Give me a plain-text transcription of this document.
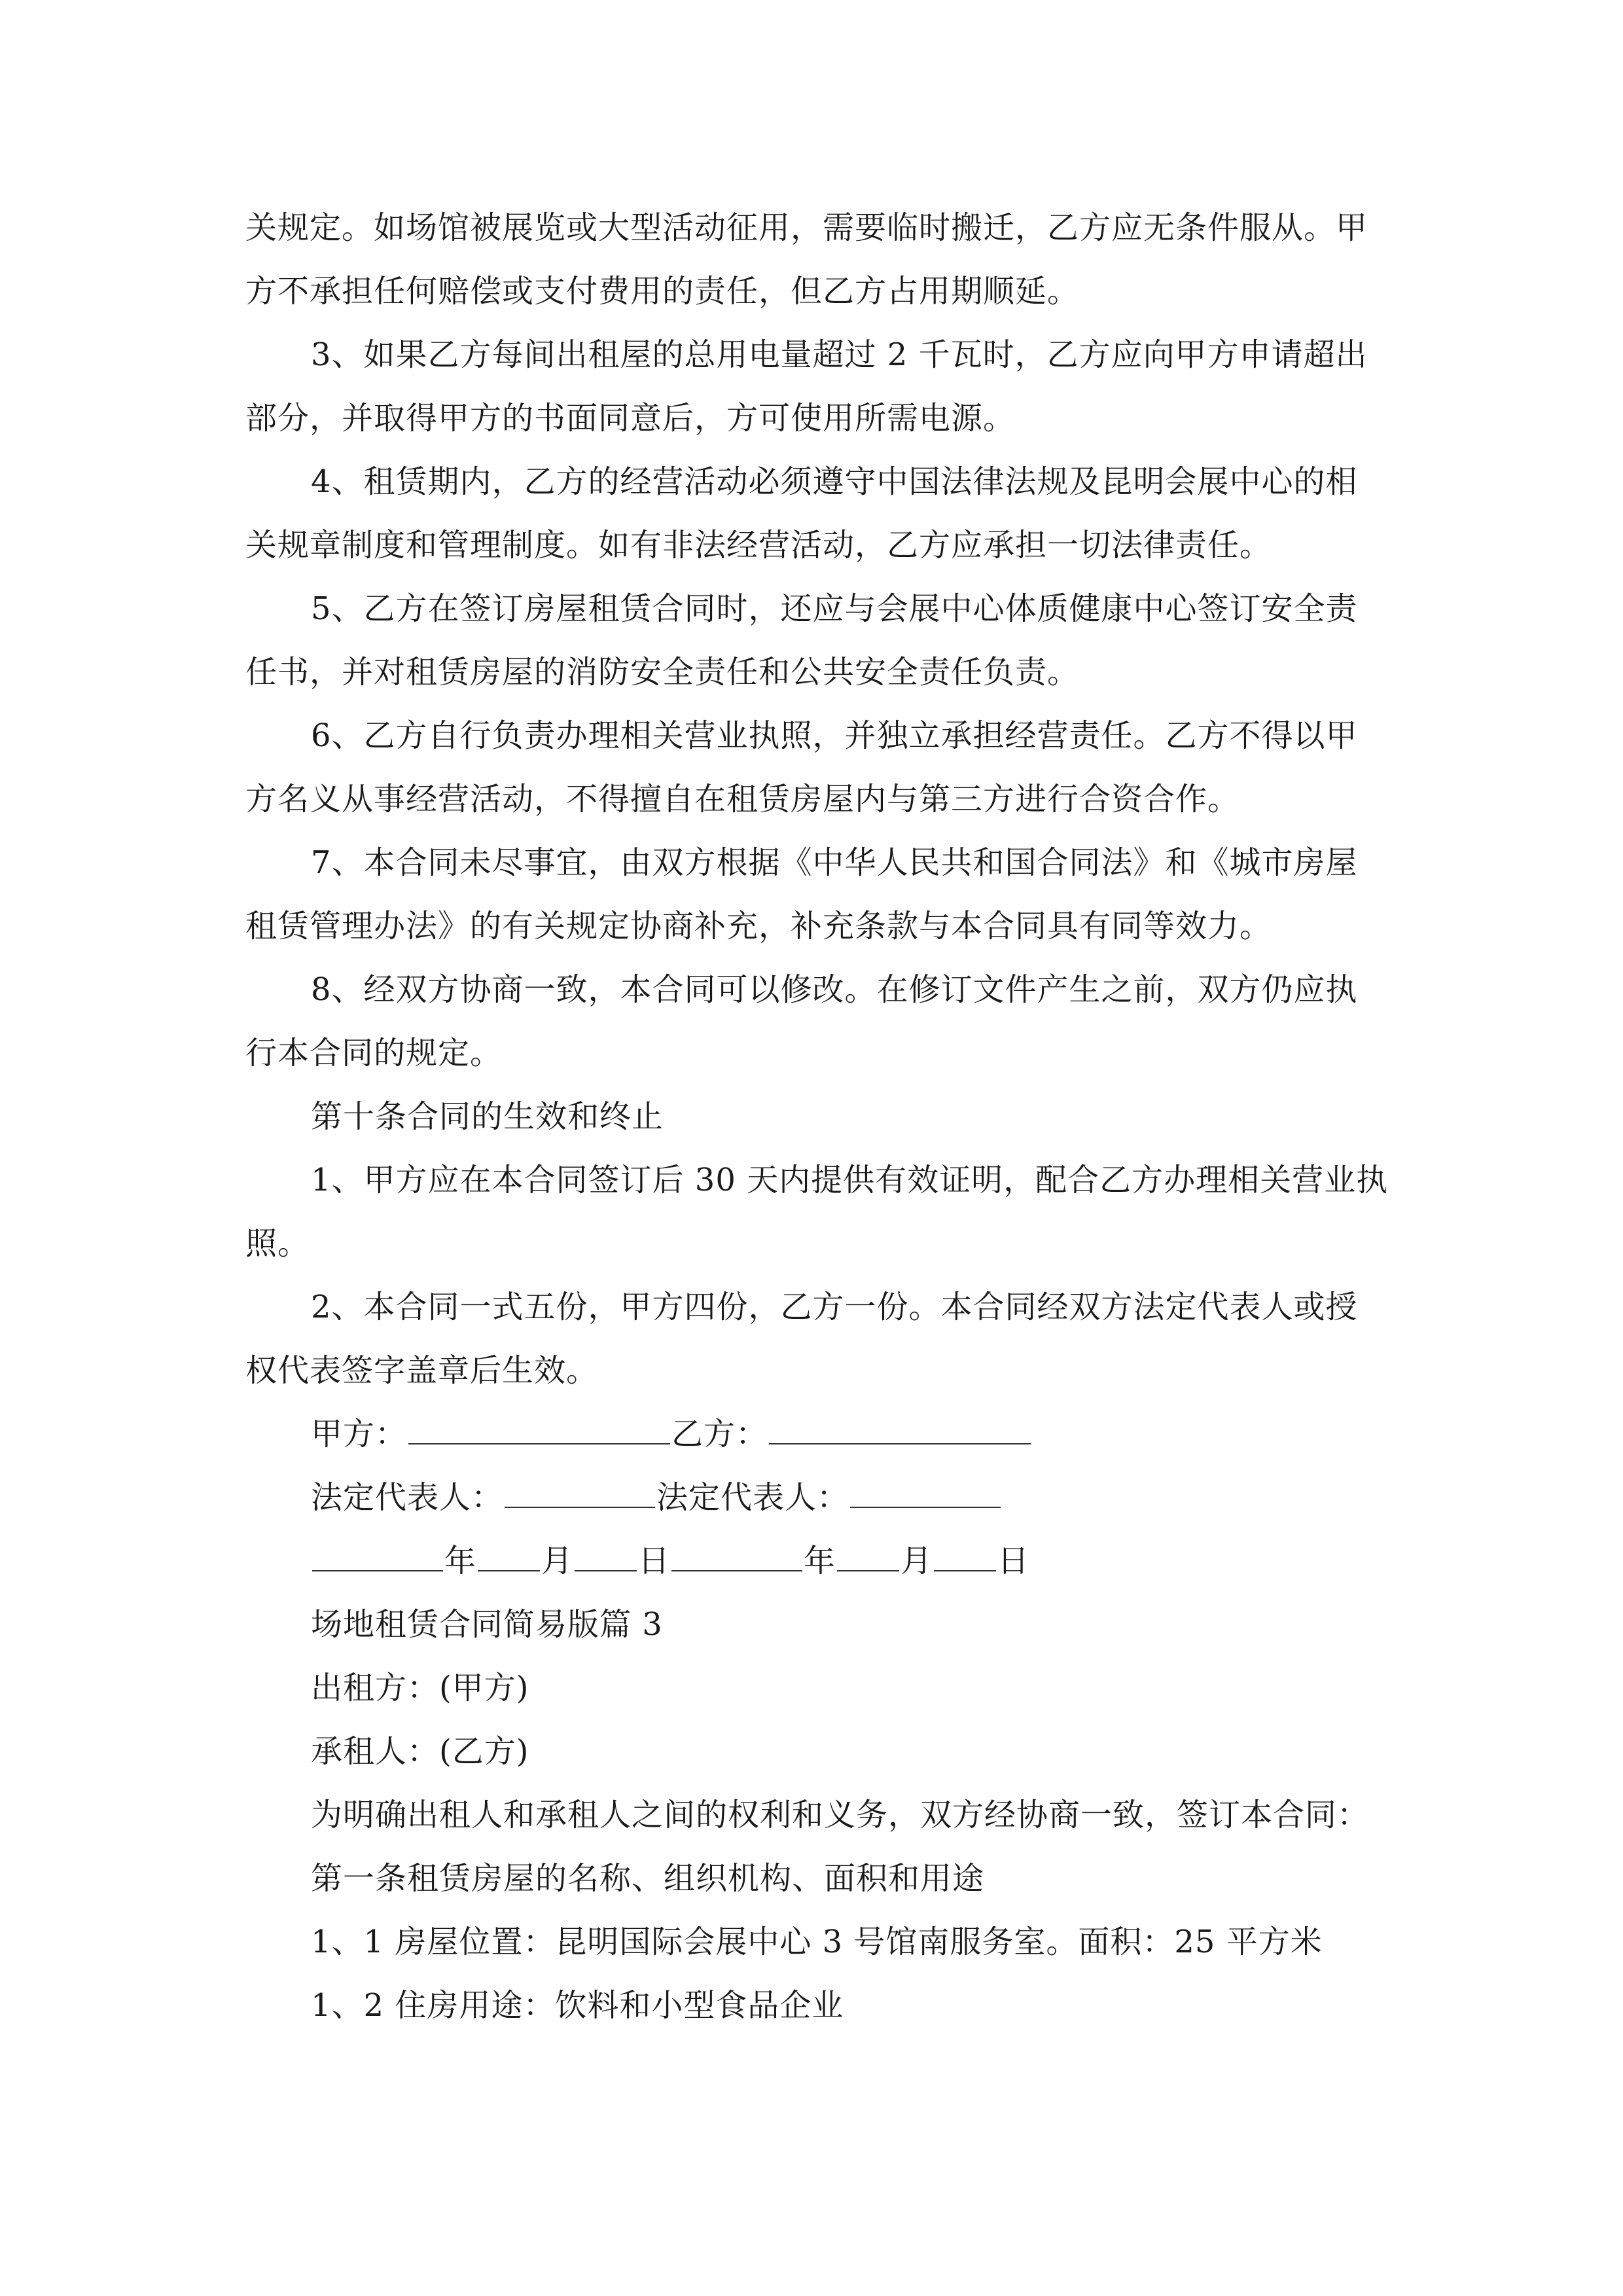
关规定。如场馆被展览或大型活动征用，需要临时搬迁，乙方应无条件服从。甲
方不承担任何赔偿或支付费用的责任，但乙方占用期顺延。
3、如果乙方每间出租屋的总用电量超过 2 千瓦时，乙方应向甲方申请超出
部分，并取得甲方的书面同意后，方可使用所需电源。
4、租赁期内，乙方的经营活动必须遵守中国法律法规及昆明会展中心的相
关规章制度和管理制度。如有非法经营活动，乙方应承担一切法律责任。
5、乙方在签订房屋租赁合同时，还应与会展中心体质健康中心签订安全责
任书，并对租赁房屋的消防安全责任和公共安全责任负责。
6、乙方自行负责办理相关营业执照，并独立承担经营责任。乙方不得以甲
方名义从事经营活动，不得擅自在租赁房屋内与第三方进行合资合作。
7、本合同未尽事宜，由双方根据《中华人民共和国合同法》和《城市房屋
租赁管理办法》的有关规定协商补充，补充条款与本合同具有同等效力。
8、经双方协商一致，本合同可以修改。在修订文件产生之前，双方仍应执
行本合同的规定。
第十条合同的生效和终止
1、甲方应在本合同签订后 30 天内提供有效证明，配合乙方办理相关营业执
照。
2、本合同一式五份，甲方四份，乙方一份。本合同经双方法定代表人或授
权代表签字盖章后生效。
甲方：	乙方：
法定代表人：	法定代表人：
年 月 日	年 月 日
场地租赁合同简易版篇 3
出租方：(甲方)
承租人：(乙方)
为明确出租人和承租人之间的权利和义务，双方经协商一致，签订本合同：
第一条租赁房屋的名称、组织机构、面积和用途
1、1 房屋位置：昆明国际会展中心 3 号馆南服务室。面积：25 平方米
1、2 住房用途：饮料和小型食品企业
